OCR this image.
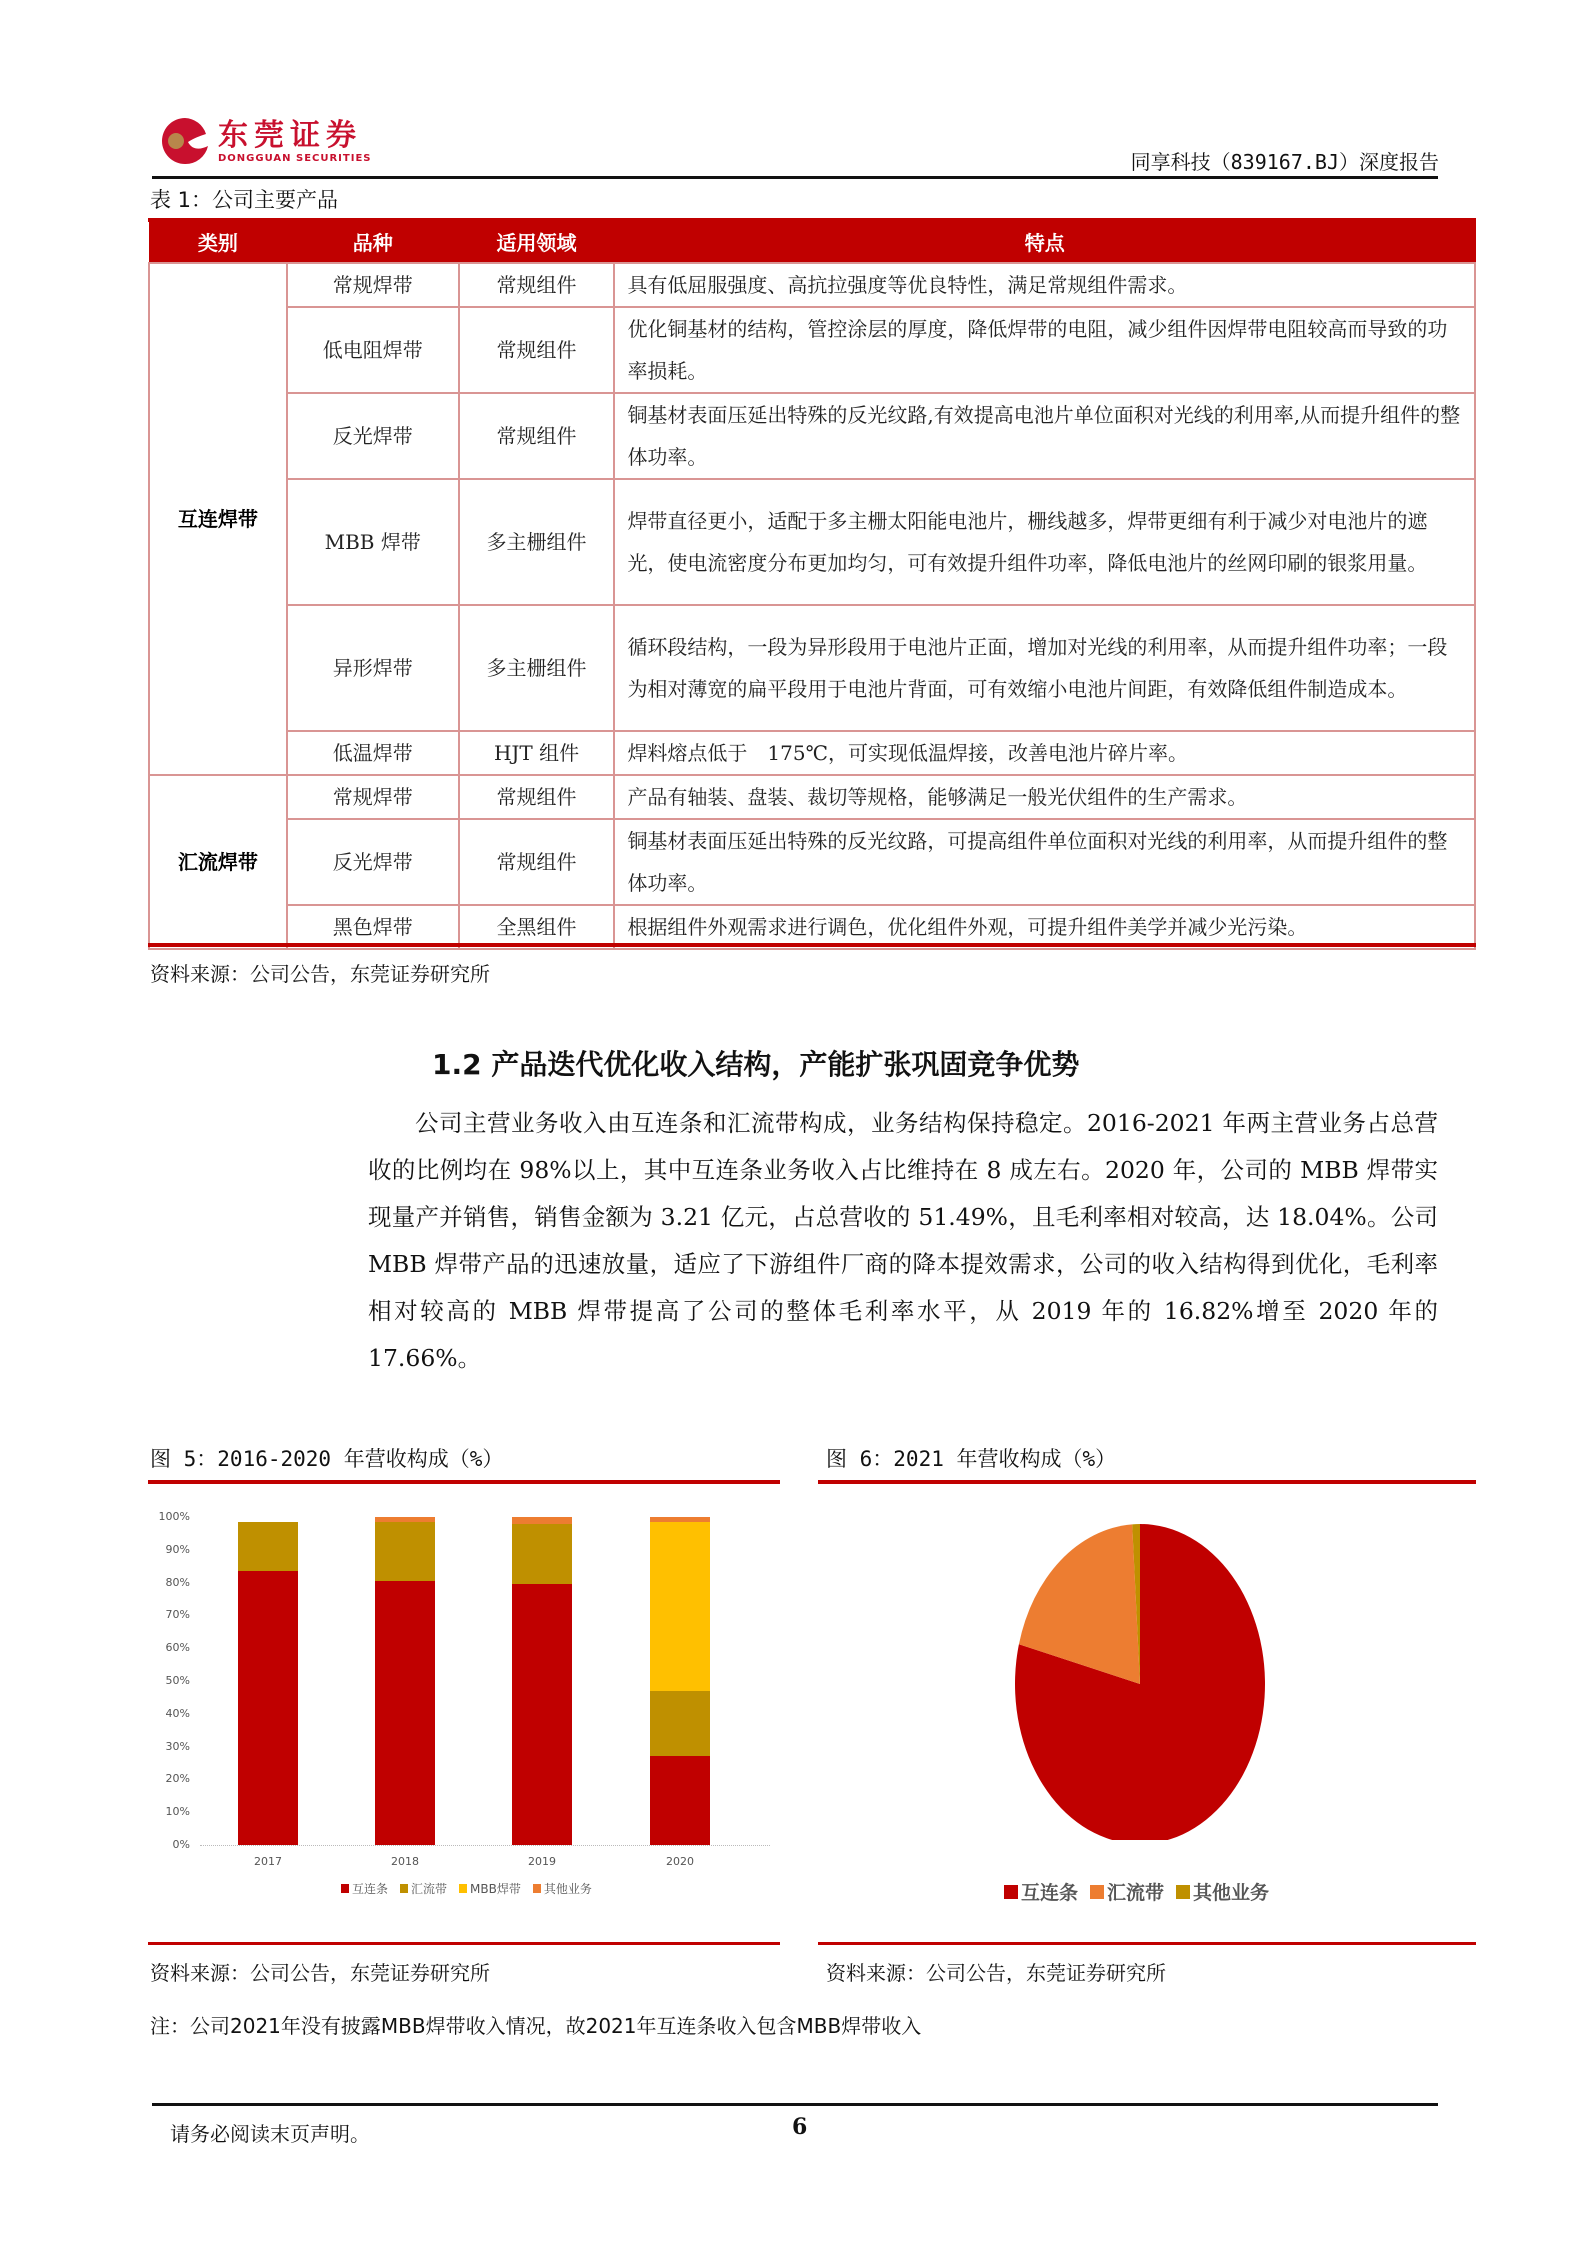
东莞证券
DONGGUAN SECURITIES	同享科技（839167.BJ）深度报告
表 1：公司主要产品
类别	品种	适用领域	特点
互连焊带	常规焊带	常规组件	具有低屈服强度、高抗拉强度等优良特性，满足常规组件需求。
	低电阻焊带	常规组件	优化铜基材的结构，管控涂层的厚度，降低焊带的电阻，减少组件因焊带电阻较高而导致的功率损耗。
	反光焊带	常规组件	铜基材表面压延出特殊的反光纹路,有效提高电池片单位面积对光线的利用率,从而提升组件的整体功率。
	MBB 焊带	多主栅组件	焊带直径更小，适配于多主栅太阳能电池片，栅线越多，焊带更细有利于减少对电池片的遮光，使电流密度分布更加均匀，可有效提升组件功率，降低电池片的丝网印刷的银浆用量。
	异形焊带	多主栅组件	循环段结构，一段为异形段用于电池片正面，增加对光线的利用率，从而提升组件功率；一段为相对薄宽的扁平段用于电池片背面，可有效缩小电池片间距，有效降低组件制造成本。
	低温焊带	HJT 组件	焊料熔点低于　175℃，可实现低温焊接，改善电池片碎片率。
汇流焊带	常规焊带	常规组件	产品有轴装、盘装、裁切等规格，能够满足一般光伏组件的生产需求。
	反光焊带	常规组件	铜基材表面压延出特殊的反光纹路，可提高组件单位面积对光线的利用率，从而提升组件的整体功率。
	黑色焊带	全黑组件	根据组件外观需求进行调色，优化组件外观，可提升组件美学并减少光污染。
资料来源：公司公告，东莞证券研究所
1.2 产品迭代优化收入结构，产能扩张巩固竞争优势

公司主营业务收入由互连条和汇流带构成，业务结构保持稳定。2016-2021 年两主营业务占总营收的比例均在 98%以上，其中互连条业务收入占比维持在 8 成左右。2020 年，公司的 MBB 焊带实现量产并销售，销售金额为 3.21 亿元，占总营收的 51.49%，且毛利率相对较高，达 18.04%。公司 MBB 焊带产品的迅速放量，适应了下游组件厂商的降本提效需求，公司的收入结构得到优化，毛利率相对较高的 MBB 焊带提高了公司的整体毛利率水平，从 2019 年的 16.82%增至 2020 年的 17.66%。

图 5：2016-2020 年营收构成（%）
0%
10%
20%
30%
40%
50%
60%
70%
80%
90%
100%
2017	2018	2019	2020
互连条 汇流带 MBB焊带 其他业务
资料来源：公司公告，东莞证券研究所
图 6：2021 年营收构成（%）
互连条 汇流带 其他业务
资料来源：公司公告，东莞证券研究所
注：公司2021年没有披露MBB焊带收入情况，故2021年互连条收入包含MBB焊带收入
请务必阅读末页声明。	6
